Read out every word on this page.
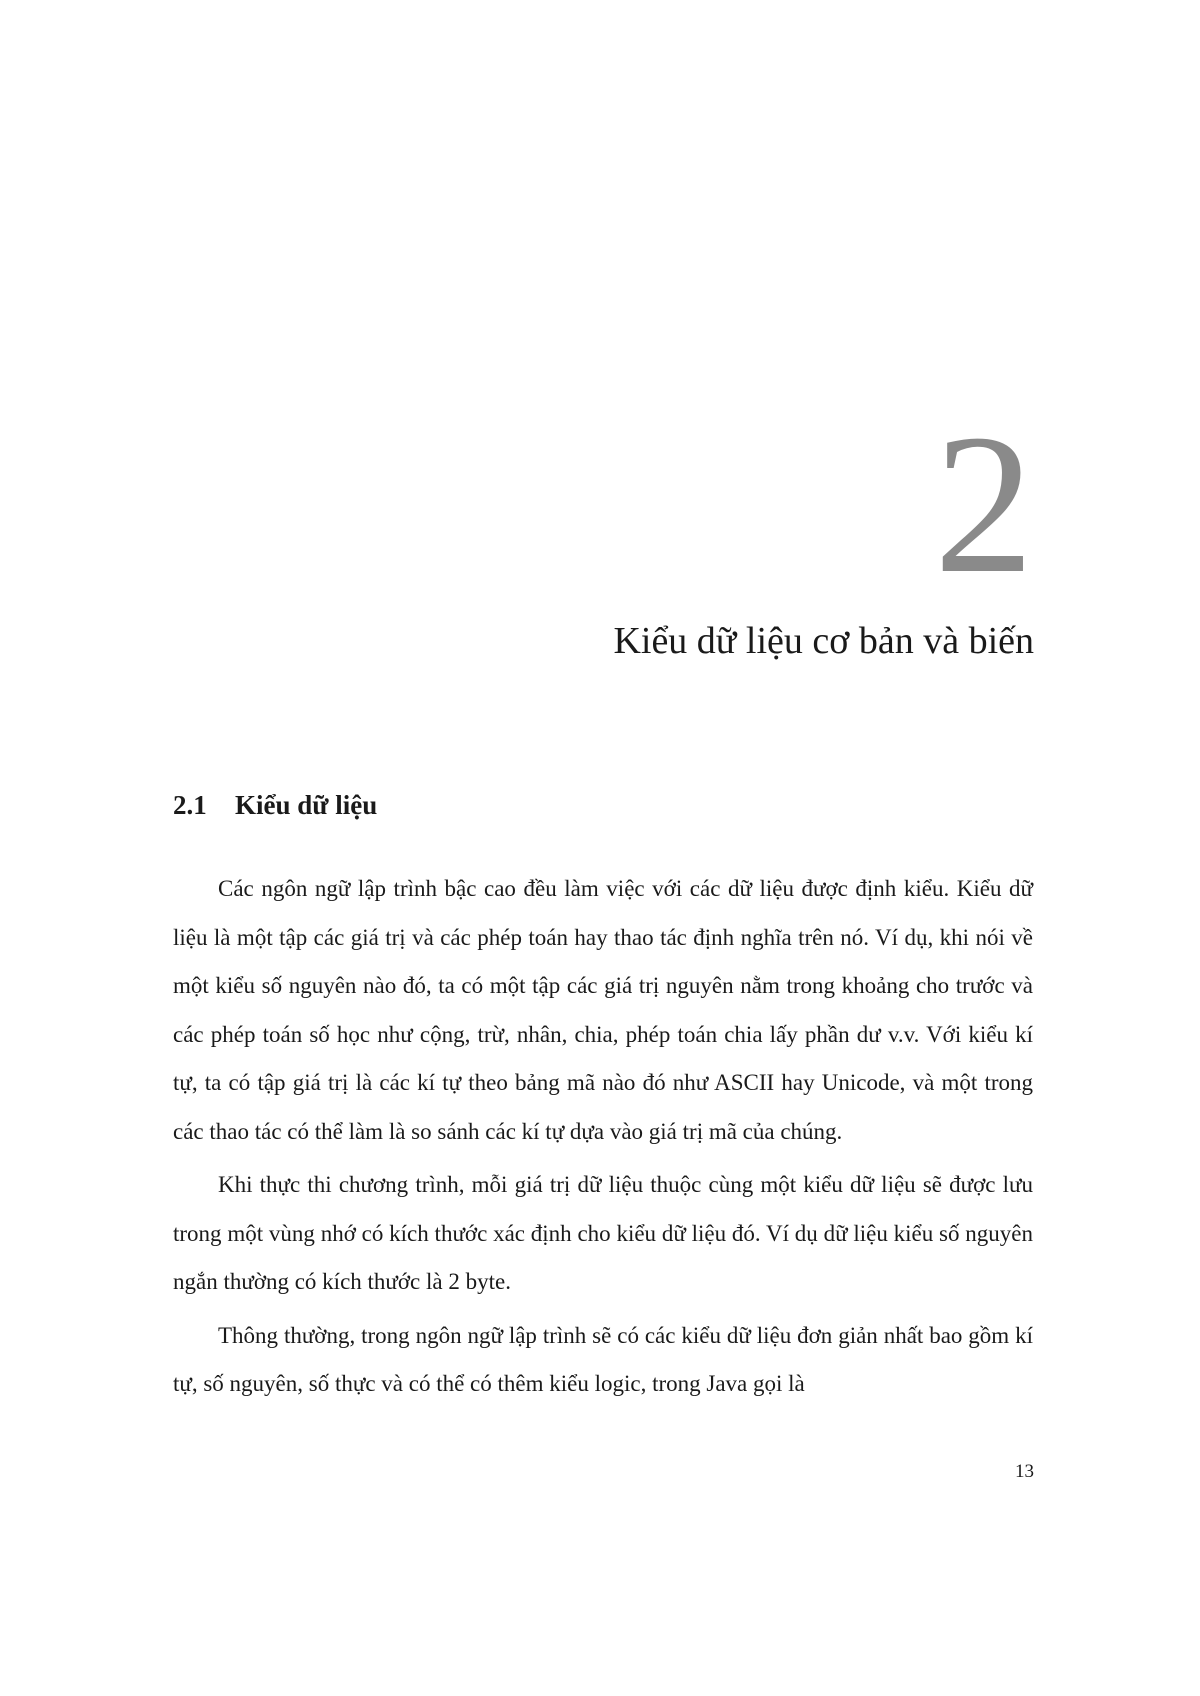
2
Kiểu dữ liệu cơ bản và biến
2.1 Kiểu dữ liệu

Các ngôn ngữ lập trình bậc cao đều làm việc với các dữ liệu được định kiểu. Kiểu dữ liệu là một tập các giá trị và các phép toán hay thao tác định nghĩa trên nó. Ví dụ, khi nói về một kiểu số nguyên nào đó, ta có một tập các giá trị nguyên nằm trong khoảng cho trước và các phép toán số học như cộng, trừ, nhân, chia, phép toán chia lấy phần dư v.v. Với kiểu kí tự, ta có tập giá trị là các kí tự theo bảng mã nào đó như ASCII hay Unicode, và một trong các thao tác có thể làm là so sánh các kí tự dựa vào giá trị mã của chúng.

Khi thực thi chương trình, mỗi giá trị dữ liệu thuộc cùng một kiểu dữ liệu sẽ được lưu trong một vùng nhớ có kích thước xác định cho kiểu dữ liệu đó. Ví dụ dữ liệu kiểu số nguyên ngắn thường có kích thước là 2 byte.

Thông thường, trong ngôn ngữ lập trình sẽ có các kiểu dữ liệu đơn giản nhất bao gồm kí tự, số nguyên, số thực và có thể có thêm kiểu logic, trong Java gọi là

13
